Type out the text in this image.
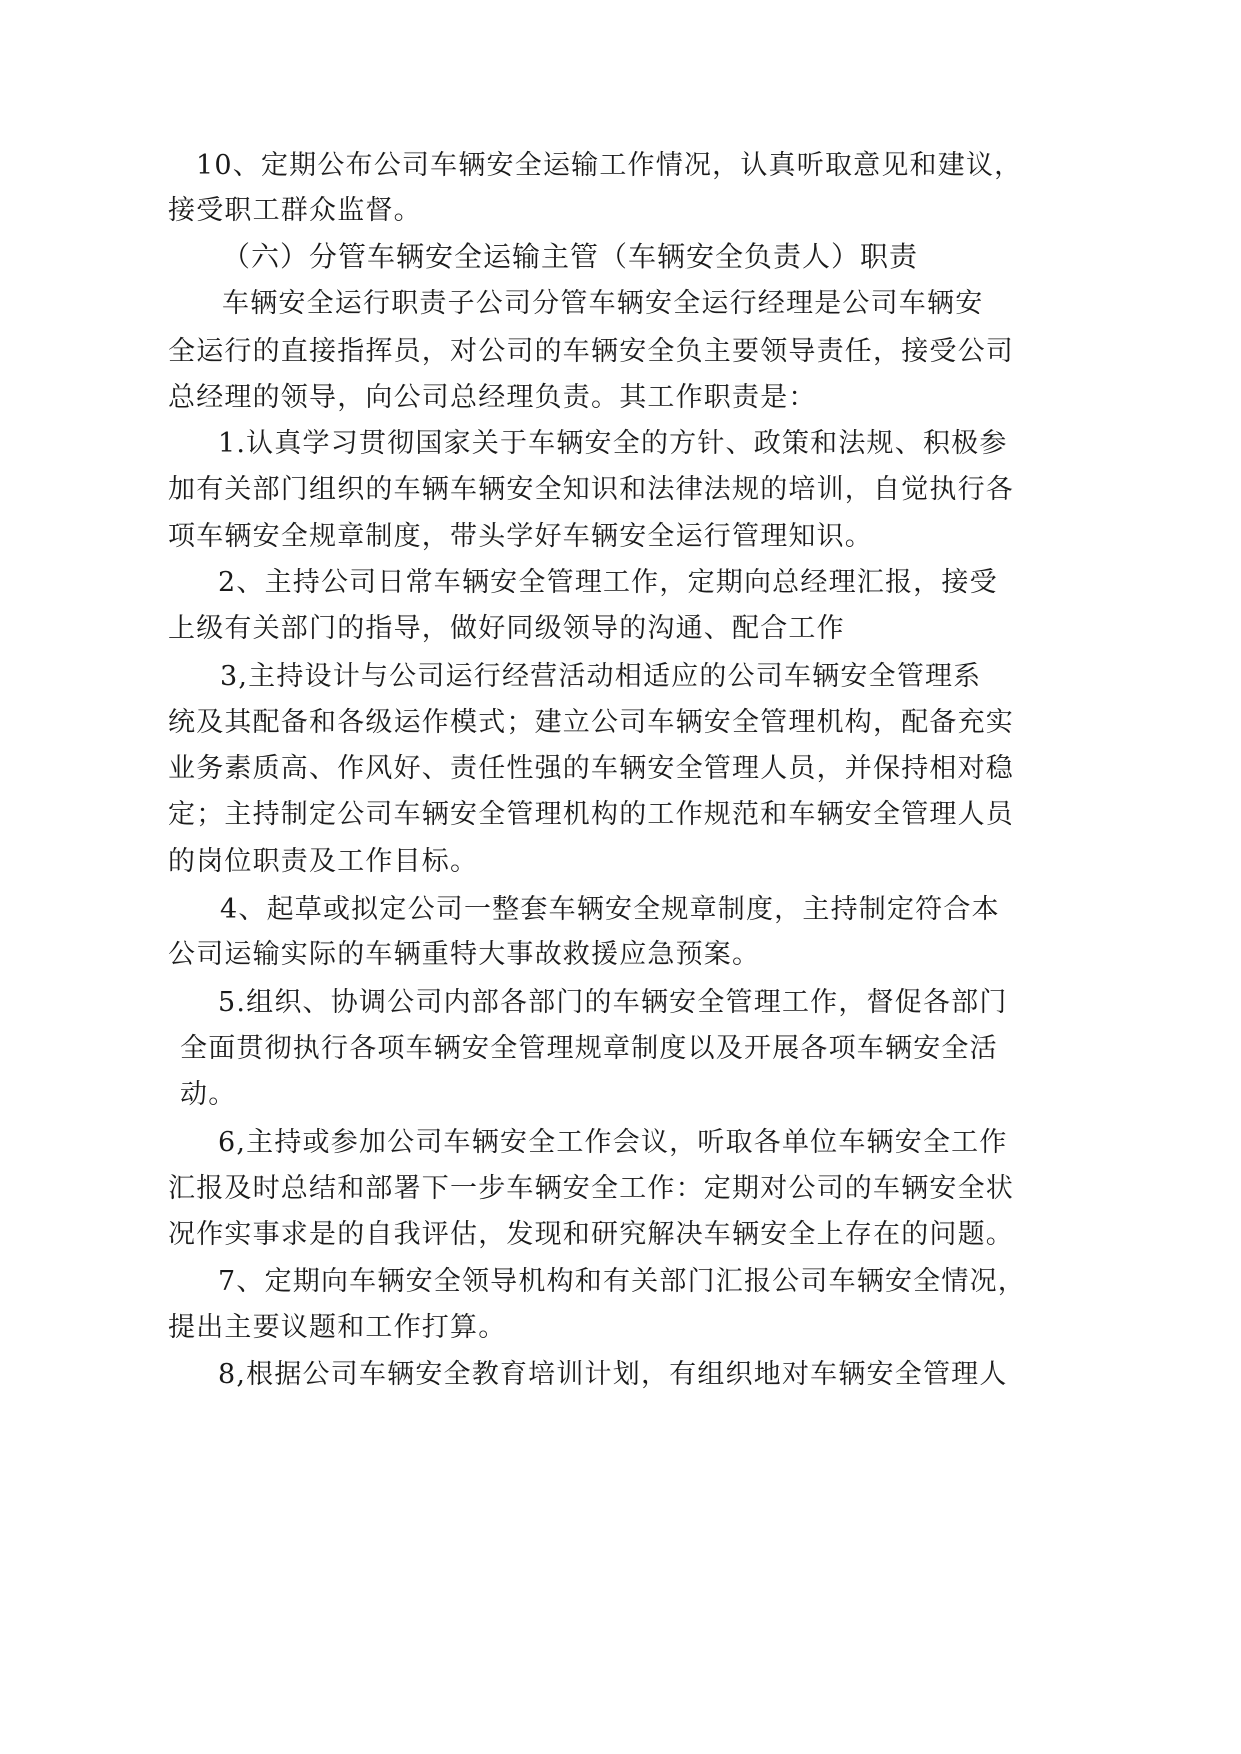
10、定期公布公司车辆安全运输工作情况，认真听取意见和建议，
接受职工群众监督。
（六）分管车辆安全运输主管（车辆安全负责人）职责
车辆安全运行职责子公司分管车辆安全运行经理是公司车辆安
全运行的直接指挥员，对公司的车辆安全负主要领导责任，接受公司
总经理的领导，向公司总经理负责。其工作职责是：
1.认真学习贯彻国家关于车辆安全的方针、政策和法规、积极参
加有关部门组织的车辆车辆安全知识和法律法规的培训，自觉执行各
项车辆安全规章制度，带头学好车辆安全运行管理知识。
2、主持公司日常车辆安全管理工作，定期向总经理汇报，接受
上级有关部门的指导，做好同级领导的沟通、配合工作
3,主持设计与公司运行经营活动相适应的公司车辆安全管理系
统及其配备和各级运作模式；建立公司车辆安全管理机构，配备充实
业务素质高、作风好、责任性强的车辆安全管理人员，并保持相对稳
定；主持制定公司车辆安全管理机构的工作规范和车辆安全管理人员
的岗位职责及工作目标。
4、起草或拟定公司一整套车辆安全规章制度，主持制定符合本
公司运输实际的车辆重特大事故救援应急预案。
5.组织、协调公司内部各部门的车辆安全管理工作，督促各部门
全面贯彻执行各项车辆安全管理规章制度以及开展各项车辆安全活
动。
6,主持或参加公司车辆安全工作会议，听取各单位车辆安全工作
汇报及时总结和部署下一步车辆安全工作：定期对公司的车辆安全状
况作实事求是的自我评估，发现和研究解决车辆安全上存在的问题。
7、定期向车辆安全领导机构和有关部门汇报公司车辆安全情况，
提出主要议题和工作打算。
8,根据公司车辆安全教育培训计划，有组织地对车辆安全管理人
